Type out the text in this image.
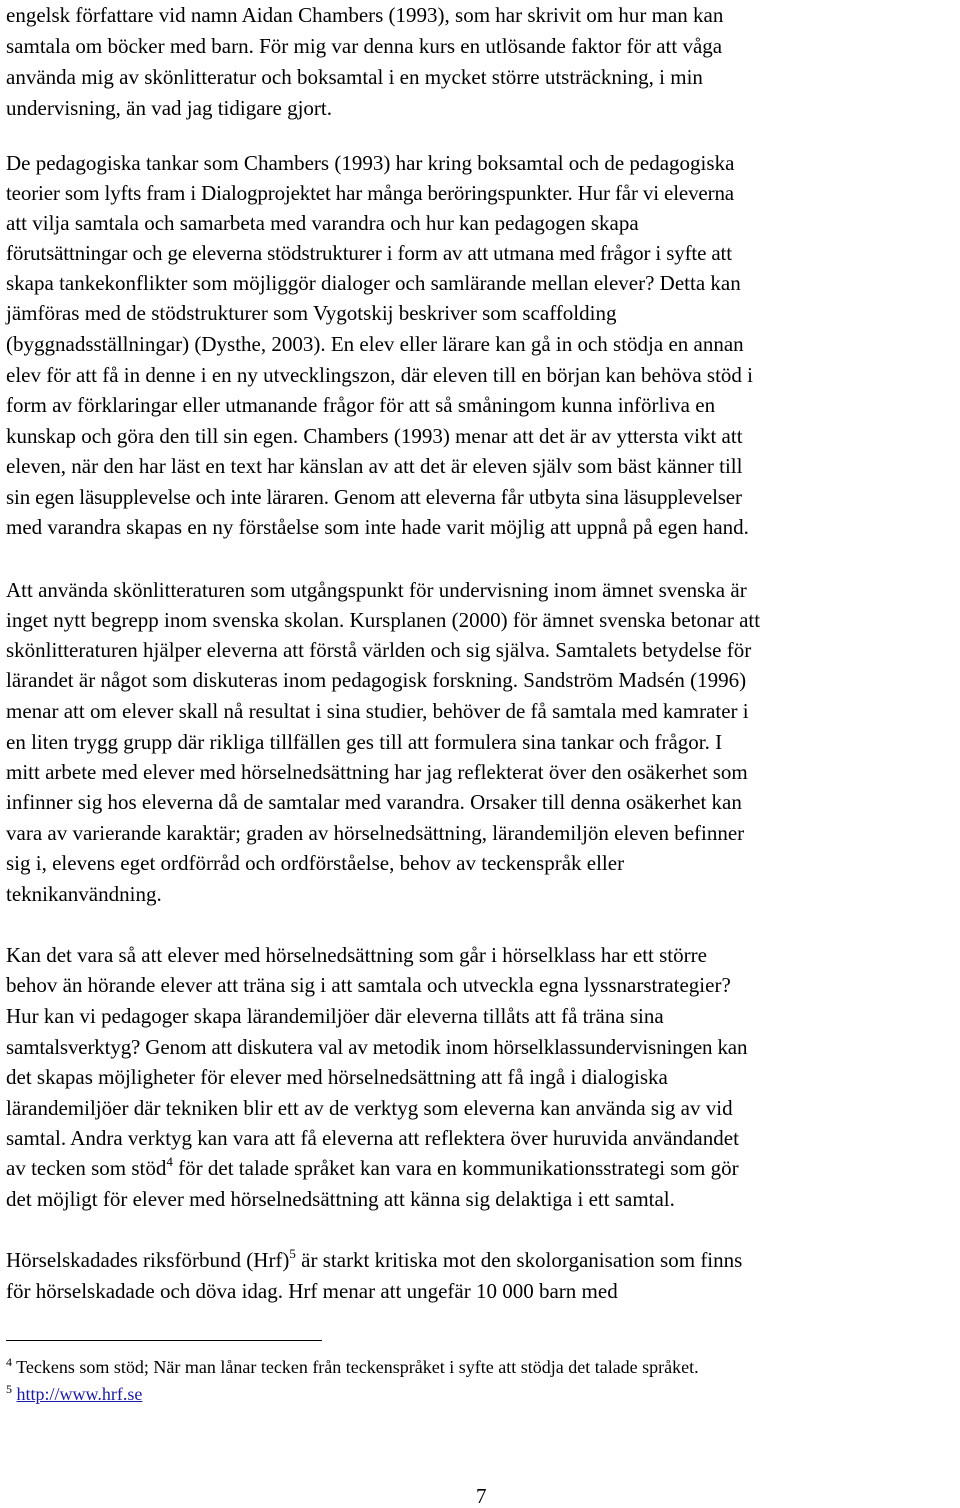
engelsk författare vid namn Aidan Chambers (1993), som har skrivit om hur man kan
samtala om böcker med barn. För mig var denna kurs en utlösande faktor för att våga
använda mig av skönlitteratur och boksamtal i en mycket större utsträckning, i min
undervisning, än vad jag tidigare gjort.
De pedagogiska tankar som Chambers (1993) har kring boksamtal och de pedagogiska
teorier som lyfts fram i Dialogprojektet har många beröringspunkter. Hur får vi eleverna
att vilja samtala och samarbeta med varandra och hur kan pedagogen skapa
förutsättningar och ge eleverna stödstrukturer i form av att utmana med frågor i syfte att
skapa tankekonflikter som möjliggör dialoger och samlärande mellan elever? Detta kan
jämföras med de stödstrukturer som Vygotskij beskriver som scaffolding
(byggnadsställningar) (Dysthe, 2003). En elev eller lärare kan gå in och stödja en annan
elev för att få in denne i en ny utvecklingszon, där eleven till en början kan behöva stöd i
form av förklaringar eller utmanande frågor för att så småningom kunna införliva en
kunskap och göra den till sin egen. Chambers (1993) menar att det är av yttersta vikt att
eleven, när den har läst en text har känslan av att det är eleven själv som bäst känner till
sin egen läsupplevelse och inte läraren. Genom att eleverna får utbyta sina läsupplevelser
med varandra skapas en ny förståelse som inte hade varit möjlig att uppnå på egen hand.
Att använda skönlitteraturen som utgångspunkt för undervisning inom ämnet svenska är
inget nytt begrepp inom svenska skolan. Kursplanen (2000) för ämnet svenska betonar att
skönlitteraturen hjälper eleverna att förstå världen och sig själva. Samtalets betydelse för
lärandet är något som diskuteras inom pedagogisk forskning. Sandström Madsén (1996)
menar att om elever skall nå resultat i sina studier, behöver de få samtala med kamrater i
en liten trygg grupp där rikliga tillfällen ges till att formulera sina tankar och frågor. I
mitt arbete med elever med hörselnedsättning har jag reflekterat över den osäkerhet som
infinner sig hos eleverna då de samtalar med varandra. Orsaker till denna osäkerhet kan
vara av varierande karaktär; graden av hörselnedsättning, lärandemiljön eleven befinner
sig i, elevens eget ordförråd och ordförståelse, behov av teckenspråk eller
teknikanvändning.
Kan det vara så att elever med hörselnedsättning som går i hörselklass har ett större
behov än hörande elever att träna sig i att samtala och utveckla egna lyssnarstrategier?
Hur kan vi pedagoger skapa lärandemiljöer där eleverna tillåts att få träna sina
samtalsverktyg? Genom att diskutera val av metodik inom hörselklassundervisningen kan
det skapas möjligheter för elever med hörselnedsättning att få ingå i dialogiska
lärandemiljöer där tekniken blir ett av de verktyg som eleverna kan använda sig av vid
samtal. Andra verktyg kan vara att få eleverna att reflektera över huruvida användandet
av tecken som stöd$^4$ för det talade språket kan vara en kommunikationsstrategi som gör
det möjligt för elever med hörselnedsättning att känna sig delaktiga i ett samtal.
Hörselskadades riksförbund (Hrf)$^5$ är starkt kritiska mot den skolorganisation som finns
för hörselskadade och döva idag. Hrf menar att ungefär 10 000 barn med
$^4$ Teckens som stöd; När man lånar tecken från teckenspråket i syfte att stödja det talade språket.
$^5$ http://www.hrf.se
7
